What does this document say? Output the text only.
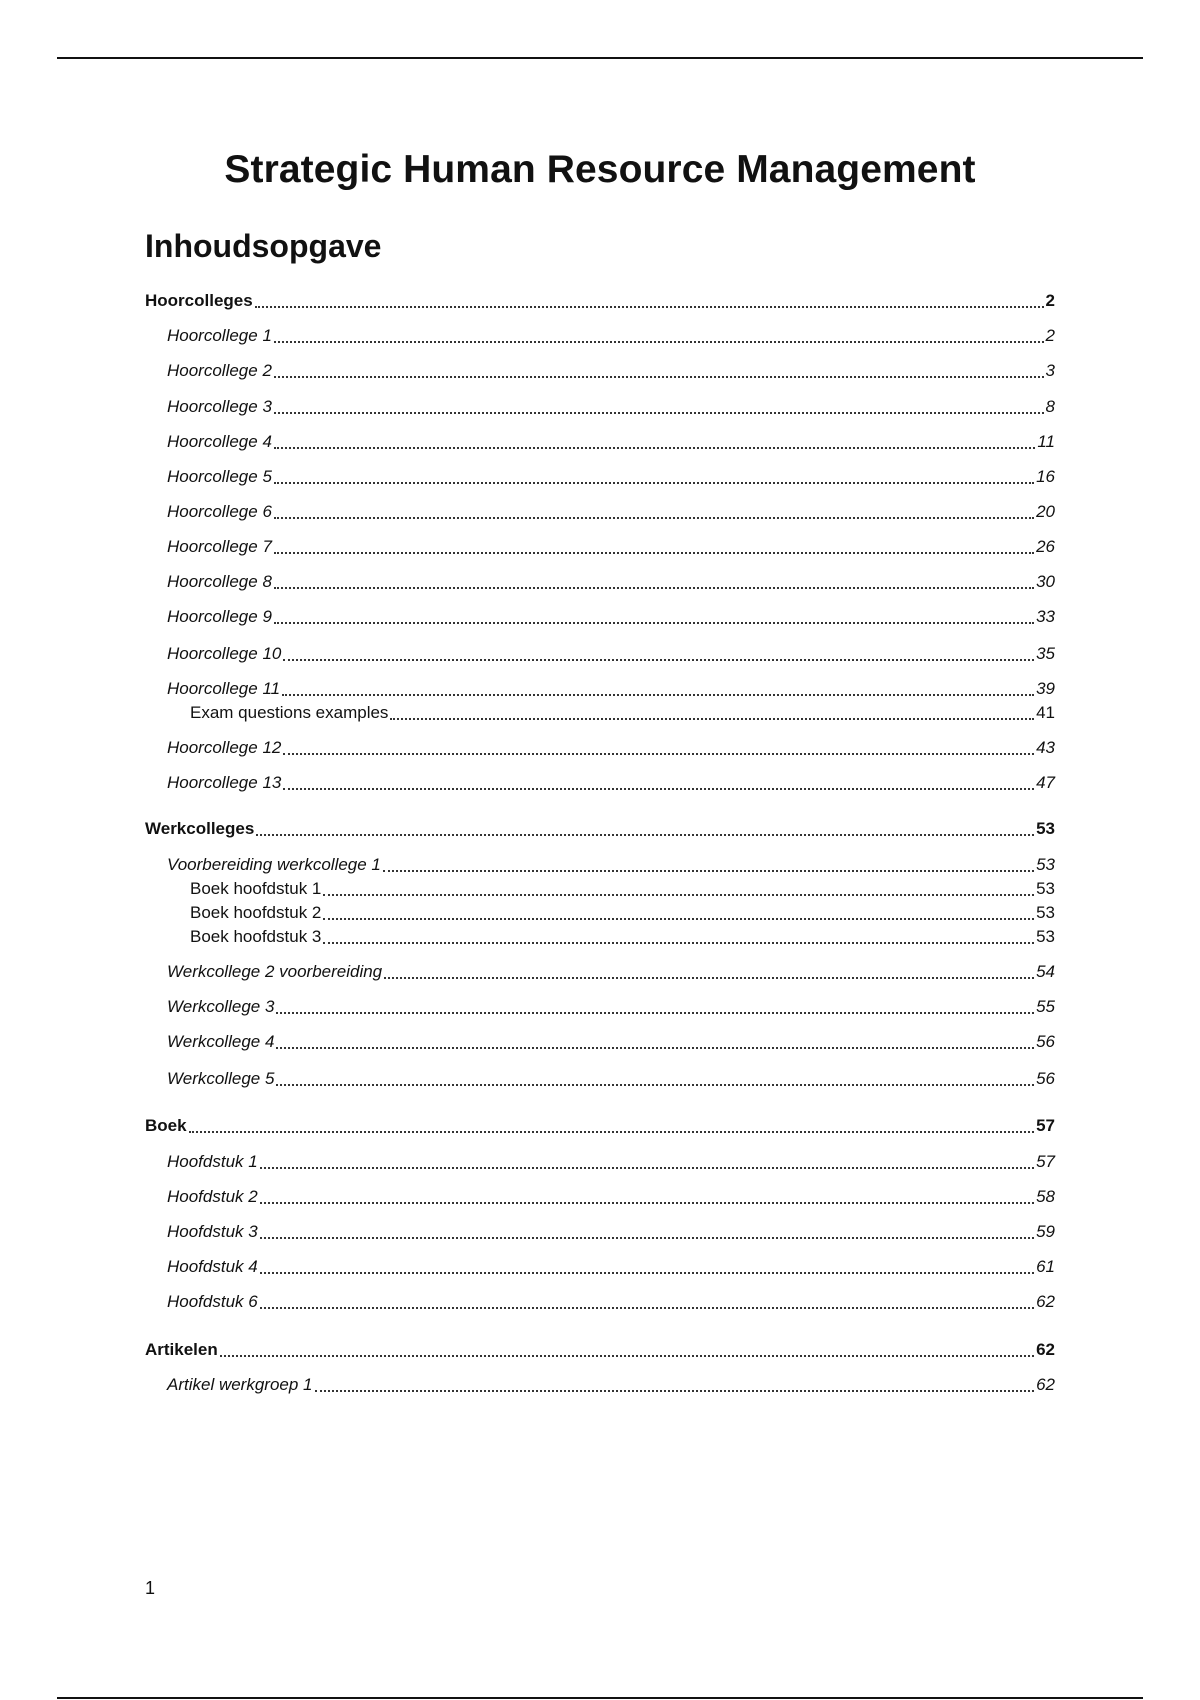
Strategic Human Resource Management
Inhoudsopgave
Hoorcolleges	2
Hoorcollege 1	2
Hoorcollege 2	3
Hoorcollege 3	8
Hoorcollege 4	11
Hoorcollege 5	16
Hoorcollege 6	20
Hoorcollege 7	26
Hoorcollege 8	30
Hoorcollege 9	33
Hoorcollege 10	35
Hoorcollege 11	39
Exam questions examples	41
Hoorcollege 12	43
Hoorcollege 13	47
Werkcolleges	53
Voorbereiding werkcollege 1	53
Boek hoofdstuk 1	53
Boek hoofdstuk 2	53
Boek hoofdstuk 3	53
Werkcollege 2 voorbereiding	54
Werkcollege 3	55
Werkcollege 4	56
Werkcollege 5	56
Boek	57
Hoofdstuk 1	57
Hoofdstuk 2	58
Hoofdstuk 3	59
Hoofdstuk 4	61
Hoofdstuk 6	62
Artikelen	62
Artikel werkgroep 1	62
1
